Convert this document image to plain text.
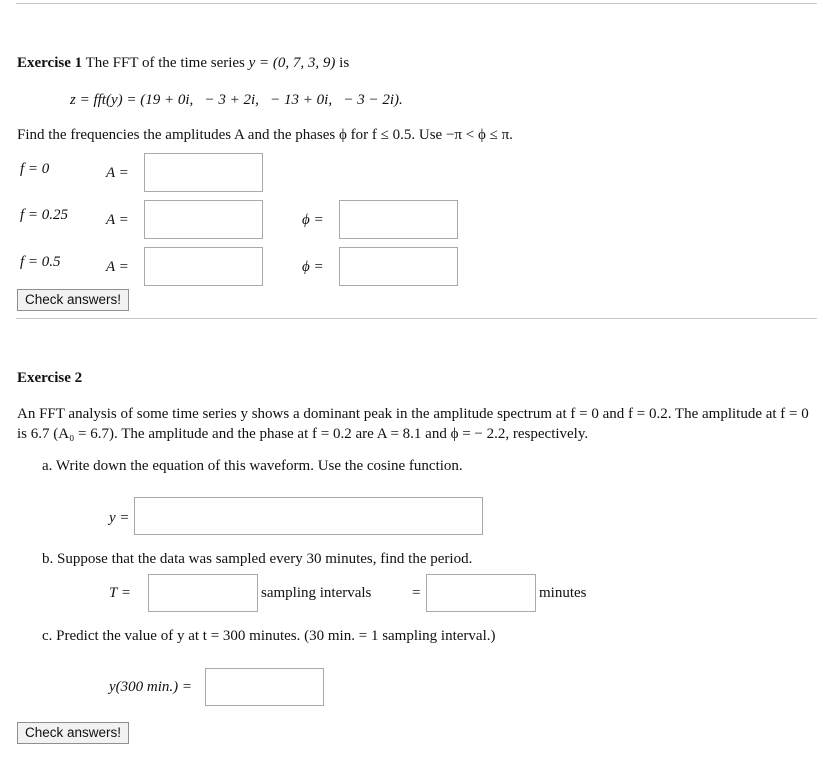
Exercise 1 The FFT of the time series y = (0, 7, 3, 9) is
z = fft(y) = (19 + 0i,   − 3 + 2i,   − 13 + 0i,   − 3 − 2i).
Find the frequencies the amplitudes A and the phases ϕ for f ≤ 0.5. Use −π < ϕ ≤ π.
f = 0	A =
f = 0.25	A =	ϕ =
f = 0.5	A =	ϕ =
Check answers!
Exercise 2
An FFT analysis of some time series y shows a dominant peak in the amplitude spectrum at f = 0 and f = 0.2. The amplitude at f = 0 is 6.7 (A₀ = 6.7). The amplitude and the phase at f = 0.2 are A = 8.1 and ϕ = − 2.2, respectively.
a. Write down the equation of this waveform. Use the cosine function.
y =
b. Suppose that the data was sampled every 30 minutes, find the period.
T =	sampling intervals	=	minutes
c. Predict the value of y at t = 300 minutes. (30 min. = 1 sampling interval.)
y(300 min.) =
Check answers!
